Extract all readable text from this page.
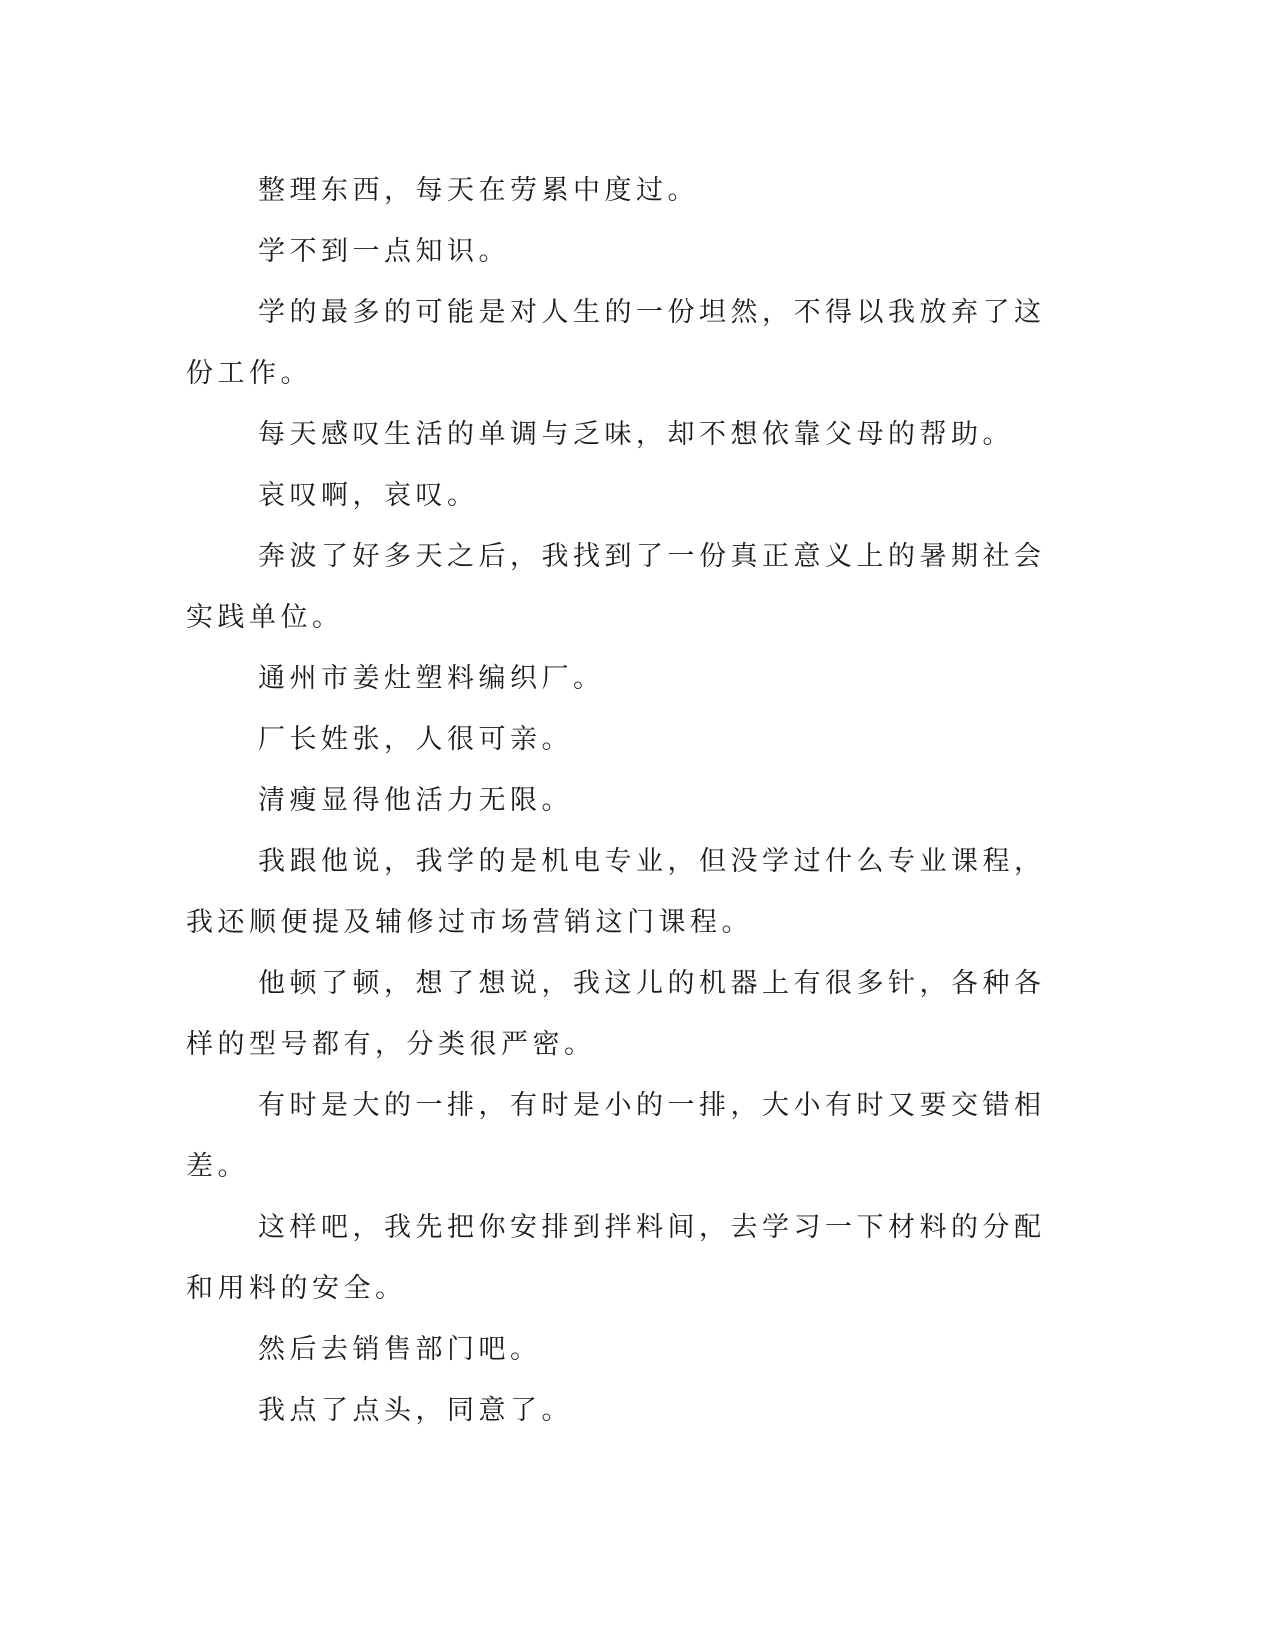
整理东西，每天在劳累中度过。

学不到一点知识。

学的最多的可能是对人生的一份坦然，不得以我放弃了这份工作。

每天感叹生活的单调与乏味，却不想依靠父母的帮助。

哀叹啊，哀叹。

奔波了好多天之后，我找到了一份真正意义上的暑期社会实践单位。

通州市姜灶塑料编织厂。

厂长姓张，人很可亲。

清瘦显得他活力无限。

我跟他说，我学的是机电专业，但没学过什么专业课程，我还顺便提及辅修过市场营销这门课程。

他顿了顿，想了想说，我这儿的机器上有很多针，各种各样的型号都有，分类很严密。

有时是大的一排，有时是小的一排，大小有时又要交错相差。

这样吧，我先把你安排到拌料间，去学习一下材料的分配和用料的安全。

然后去销售部门吧。

我点了点头，同意了。
